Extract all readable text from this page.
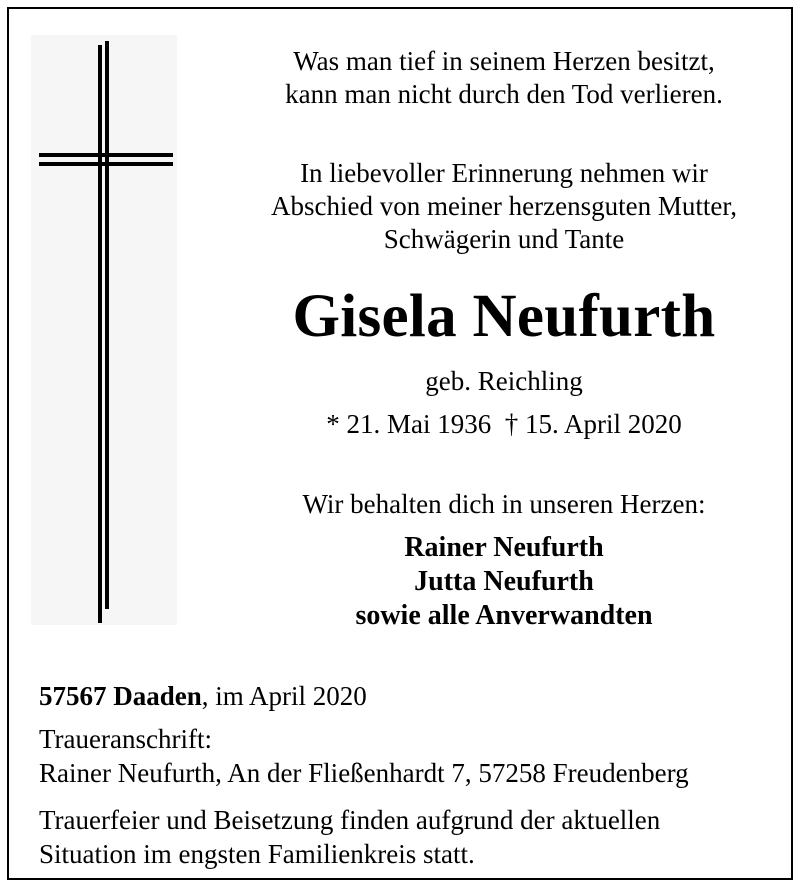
Was man tief in seinem Herzen besitzt,
kann man nicht durch den Tod verlieren.
In liebevoller Erinnerung nehmen wir
Abschied von meiner herzensguten Mutter,
Schwägerin und Tante
Gisela Neufurth
geb. Reichling
* 21. Mai 1936  † 15. April 2020
Wir behalten dich in unseren Herzen:
Rainer Neufurth
Jutta Neufurth
sowie alle Anverwandten
57567 Daaden, im April 2020
Traueranschrift:
Rainer Neufurth, An der Fließenhardt 7, 57258 Freudenberg
Trauerfeier und Beisetzung finden aufgrund der aktuellen
Situation im engsten Familienkreis statt.
